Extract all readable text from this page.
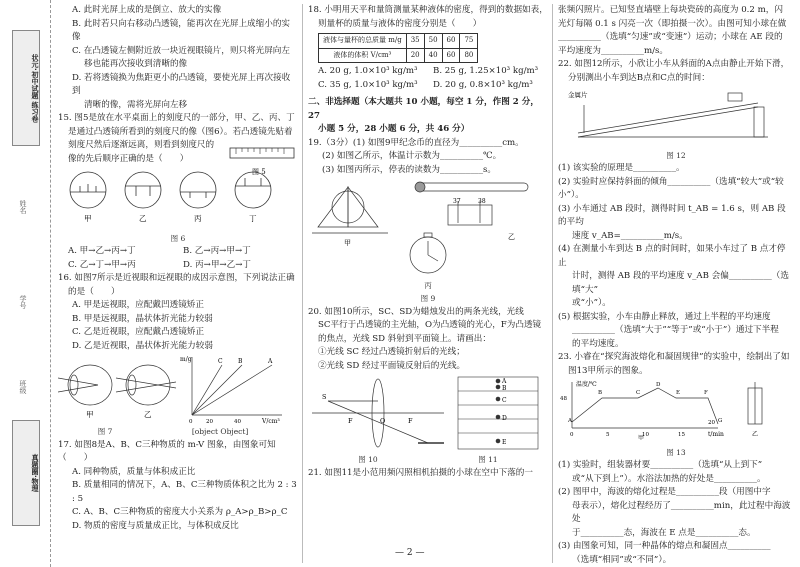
状元·初中试题 练习卷
姓名
学号
班级
真题圈·物理

A. 此时光屏上成的是倒立、放大的实像

B. 此时若只向右移动凸透镜，能再次在光屏上成缩小的实像

C. 在凸透镜左侧附近放一块近视眼镜片，则只将光屏向左

移也能再次接收到清晰的像

D. 若将透镜换为焦距更小的凸透镜，要使光屏上再次接收到

清晰的像，需将光屏向左移

15. 图5是放在水平桌面上的刻度尺的一部分，甲、乙、丙、丁

是通过凸透镜所看到的刻度尺的像（图6）。若凸透镜先贴着

刻度尺然后逐渐远离，则看到刻度尺的

像的先后顺序正确的是（　　）

图 5
甲	乙	丙	丁

图 6

A. 甲→乙→丙→丁	B. 乙→丙→甲→丁
C. 乙→丁→甲→丙	D. 丙→甲→乙→丁

16. 如图7所示是近视眼和远视眼的成因示意图，下列说法正确

的是（　　）

A. 甲是远视眼，应配戴凹透镜矫正

B. 甲是远视眼，晶状体折光能力较弱

C. 乙是近视眼，应配戴凸透镜矫正

D. 乙是近视眼，晶状体折光能力较弱

甲	乙
m/g
V/cm³
C	B	A
0 20	40
图 7	[object Object]

17. 如图8是A、B、C三种物质的 m-V 图象，由图象可知（　　）

A. 同种物质，质量与体积成正比

B. 质量相同的情况下，A、B、C三种物质体积之比为 2 : 3 : 5

C. A、B、C三种物质的密度大小关系为 ρ_A>ρ_B>ρ_C

D. 物质的密度与质量成正比，与体积成反比

18. 小明用天平和量筒测量某种液体的密度，得到的数据如表，

则量杯的质量与液体的密度分别是（　　）

液体与量杯的总质量 m/g	35	50	60	75
液体的体积 V/cm³	20	40	60	80
A. 20 g, 1.0×10³ kg/m³	B. 25 g, 1.25×10³ kg/m³
C. 35 g, 1.0×10³ kg/m³	D. 20 g, 0.8×10³ kg/m³

二、非选择题（本大题共 10 小题，每空 1 分，作图 2 分，27

小题 5 分，28 小题 6 分，共 46 分）

19.（3分）(1) 如图9甲纪念币的直径为__________cm。

(2) 如图乙所示，体温计示数为__________℃。

(3) 如图丙所示，停表的读数为__________s。

甲
37	38
乙

丙

图 9

20. 如图10所示，SC、SD为蜡烛发出的两条光线，光线

SC平行于凸透镜的主光轴，O为凸透镜的光心，F为凸透镜

的焦点，光线 SD 斜射到平面镜上。请画出：

①光线 SC 经过凸透镜折射后的光线；

②光线 SD 经过平面镜反射后的光线。

S
F	O	F
A
B
C
D
E
图 10	图 11

21. 如图11是小范用频闪照相机拍摄的小球在空中下落的一

— 2 —

张频闪照片。已知竖直墙壁上每块瓷砖的高度为 0.2 m，闪

光灯每隔 0.1 s 闪亮一次（即拍摄一次）。由图可知小球在做

__________（选填“匀速”或“变速”）运动；小球在 AE 段的

平均速度为__________m/s。

22. 如图12所示，小欣让小车从斜面的A点由静止开始下滑，

分别测出小车到达B点和C点的时间：

金属片

图 12

(1) 该实验的原理是__________。

(2) 实验时应保持斜面的倾角__________（选填“较大”或“较小”）。

(3) 小车通过 AB 段时，测得时间 t_AB = 1.6 s，则 AB 段的平均

速度 v_AB=__________m/s。

(4) 在测量小车到达 B 点的时间时，如果小车过了 B 点才停止

计时，测得 AB 段的平均速度 v_AB 会偏__________（选填“大”

或“小”）。

(5) 根据实验，小车由静止释放，通过上半程的平均速度

__________（选填“大于”“等于”或“小于”）通过下半程

的平均速度。

23. 小睿在“探究海波熔化和凝固规律”的实验中，绘制出了如

图13甲所示的图象。

温度/℃
t/min
48
0	5	10	15
20
A
B	C
D
E	F
G
甲
乙

图 13

(1) 实验时，组装器材要__________（选填“从上到下”

或“从下到上”）。水浴法加热的好处是__________。

(2) 图甲中，海波的熔化过程是__________段（用图中字

母表示），熔化过程经历了__________min，此过程中海波处

于__________态，海波在 E 点是__________态。

(3) 由图象可知，同一种晶体的熔点和凝固点__________

（选填“相同”或“不同”）。
